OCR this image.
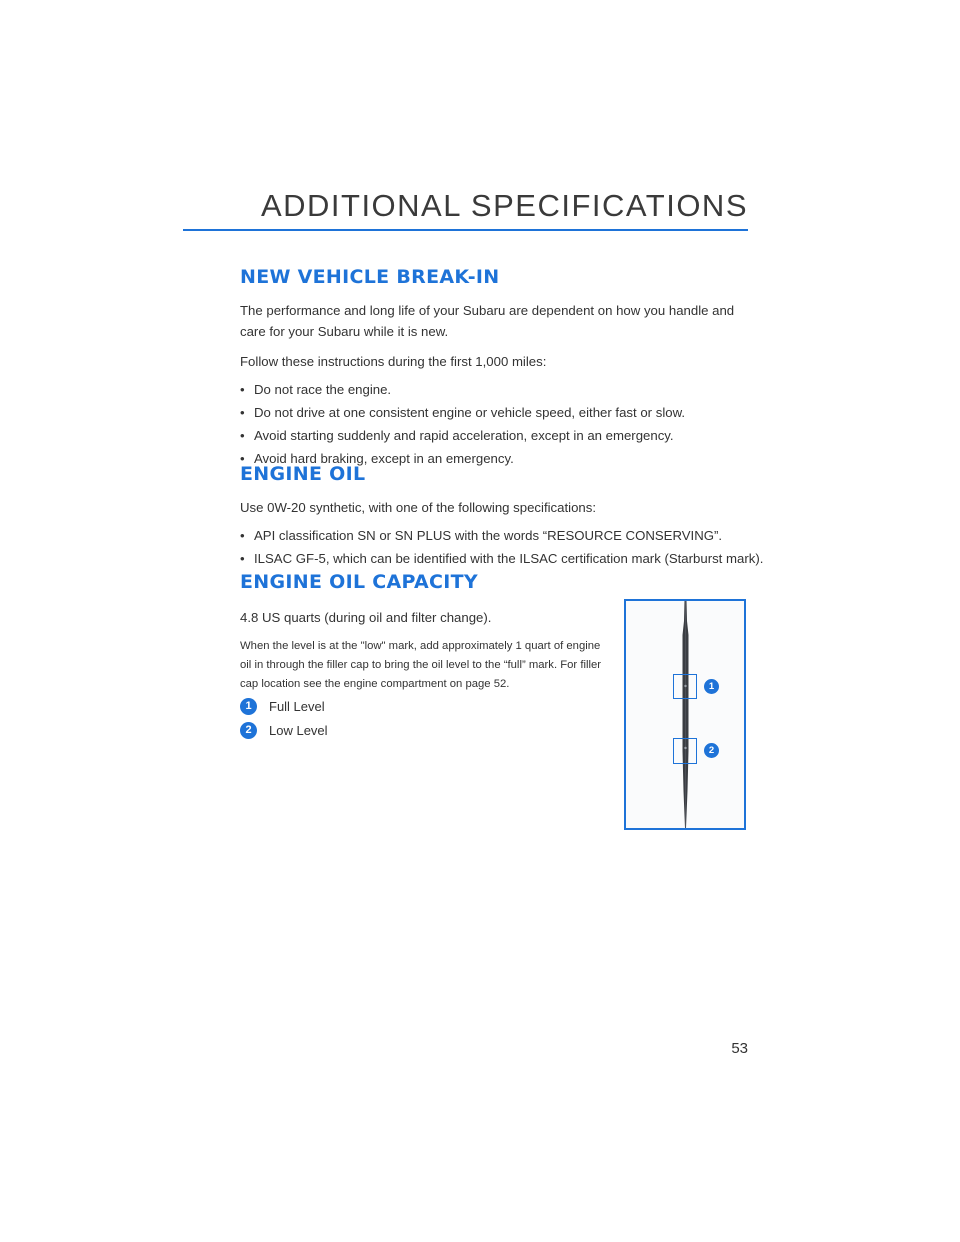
ADDITIONAL SPECIFICATIONS
NEW VEHICLE BREAK-IN

The performance and long life of your Subaru are dependent on how you handle and care for your Subaru while it is new.

Follow these instructions during the first 1,000 miles:

• Do not race the engine.
• Do not drive at one consistent engine or vehicle speed, either fast or slow.
• Avoid starting suddenly and rapid acceleration, except in an emergency.
• Avoid hard braking, except in an emergency.
ENGINE OIL

Use 0W-20 synthetic, with one of the following specifications:

• API classification SN or SN PLUS with the words “RESOURCE CONSERVING”.
• ILSAC GF-5, which can be identified with the ILSAC certification mark (Starburst mark).
ENGINE OIL CAPACITY

4.8 US quarts (during oil and filter change).

When the level is at the "low" mark, add approximately 1 quart of engine oil in through the filler cap to bring the oil level to the “full” mark. For filler cap location see the engine compartment on page 52.
1	Full Level
2	Low Level
1
2
53
